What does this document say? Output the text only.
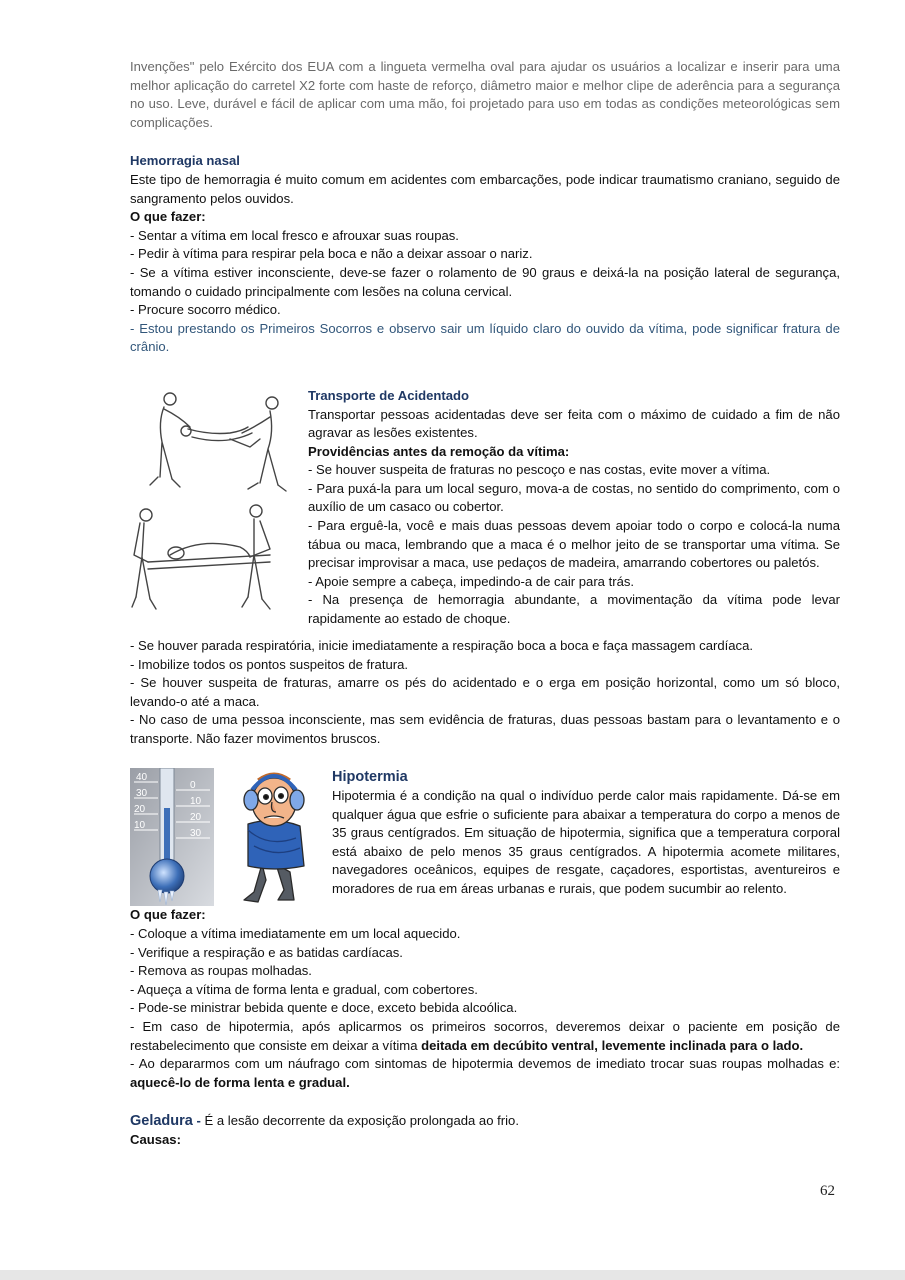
Invenções" pelo Exército dos EUA com a lingueta vermelha oval para ajudar os usuários a localizar e inserir para uma melhor aplicação do carretel X2 forte com haste de reforço, diâmetro maior e melhor clipe de aderência para a segurança no uso. Leve, durável e fácil de aplicar com uma mão, foi projetado para uso em todas as condições meteorológicas sem complicações.

Hemorragia nasal

Este tipo de hemorragia é muito comum em acidentes com embarcações, pode indicar traumatismo craniano, seguido de sangramento pelos ouvidos.

O que fazer:

- Sentar a vítima em local fresco e afrouxar suas roupas.

- Pedir à vítima para respirar pela boca e não a deixar assoar o nariz.

- Se a vítima estiver inconsciente, deve-se fazer o rolamento de 90 graus e deixá-la na posição lateral de segurança, tomando o cuidado principalmente com lesões na coluna cervical.

- Procure socorro médico.

- Estou prestando os Primeiros Socorros e observo sair um líquido claro do ouvido da vítima, pode significar fratura de crânio.

Transporte de Acidentado

Transportar pessoas acidentadas deve ser feita com o máximo de cuidado a fim de não agravar as lesões existentes.

Providências antes da remoção da vítima:

- Se houver suspeita de fraturas no pescoço e nas costas, evite mover a vítima.

- Para puxá-la para um local seguro, mova-a de costas, no sentido do comprimento, com o auxílio de um casaco ou cobertor.

- Para erguê-la, você e mais duas pessoas devem apoiar todo o corpo e colocá-la numa tábua ou maca, lembrando que a maca é o melhor jeito de se transportar uma vítima. Se precisar improvisar a maca, use pedaços de madeira, amarrando cobertores ou paletós.

- Apoie sempre a cabeça, impedindo-a de cair para trás.

- Na presença de hemorragia abundante, a movimentação da vítima pode levar rapidamente ao estado de choque.

- Se houver parada respiratória, inicie imediatamente a respiração boca a boca e faça massagem cardíaca.

- Imobilize todos os pontos suspeitos de fratura.

- Se houver suspeita de fraturas, amarre os pés do acidentado e o erga em posição horizontal, como um só bloco, levando-o até a maca.

- No caso de uma pessoa inconsciente, mas sem evidência de fraturas, duas pessoas bastam para o levantamento e o transporte. Não fazer movimentos bruscos.

40
30
20
10
0
10
20
30

Hipotermia

Hipotermia é a condição na qual o indivíduo perde calor mais rapidamente. Dá-se em qualquer água que esfrie o suficiente para abaixar a temperatura do corpo a menos de 35 graus centígrados. Em situação de hipotermia, significa que a temperatura corporal está abaixo de pelo menos 35 graus centígrados. A hipotermia acomete militares, navegadores oceânicos, equipes de resgate, caçadores, esportistas, aventureiros e moradores de rua em áreas urbanas e rurais, que podem sucumbir ao relento.

O que fazer:

- Coloque a vítima imediatamente em um local aquecido.

- Verifique a respiração e as batidas cardíacas.

- Remova as roupas molhadas.

- Aqueça a vítima de forma lenta e gradual, com cobertores.

- Pode-se ministrar bebida quente e doce, exceto bebida alcoólica.

- Em caso de hipotermia, após aplicarmos os primeiros socorros, deveremos deixar o paciente em posição de restabelecimento que consiste em deixar a vítima deitada em decúbito ventral, levemente inclinada para o lado.

- Ao depararmos com um náufrago com sintomas de hipotermia devemos de imediato trocar suas roupas molhadas e: aquecê-lo de forma lenta e gradual.

Geladura - É a lesão decorrente da exposição prolongada ao frio.

Causas:

62
